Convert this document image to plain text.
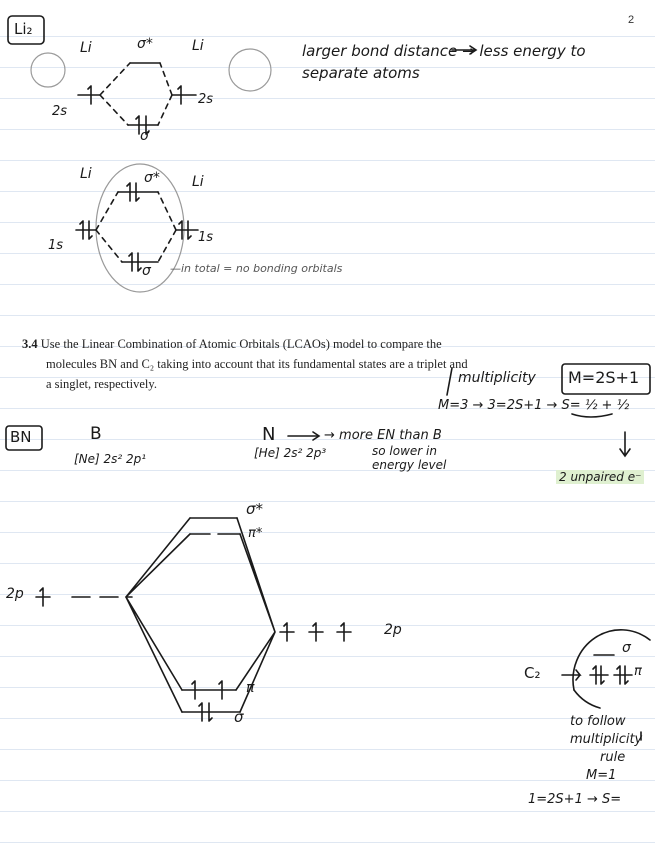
2
Li₂
Li	Li
σ*
2s
2s
σ
larger bond distance → less energy to separate atoms
Li	Li
σ*
1s
1s
σ —in total = no bonding orbitals
3.4 Use the Linear Combination of Atomic Orbitals (LCAOs) model to compare the
molecules BN and C₂ taking into account that its fundamental states are a triplet and
a singlet, respectively.	multiplicity M=2S+1
M=3 → 3=2S+1 → S= ½ + ½
2 unpaired e⁻
BN	B
[Ne] 2s² 2p¹
N	→ more EN than B
[He] 2s² 2p³	so lower in energy level
σ*
π*
2p
2p
π
σ
C₂
σ
π
to follow
multiplicity
rule
M=1
1=2S+1 → S=
